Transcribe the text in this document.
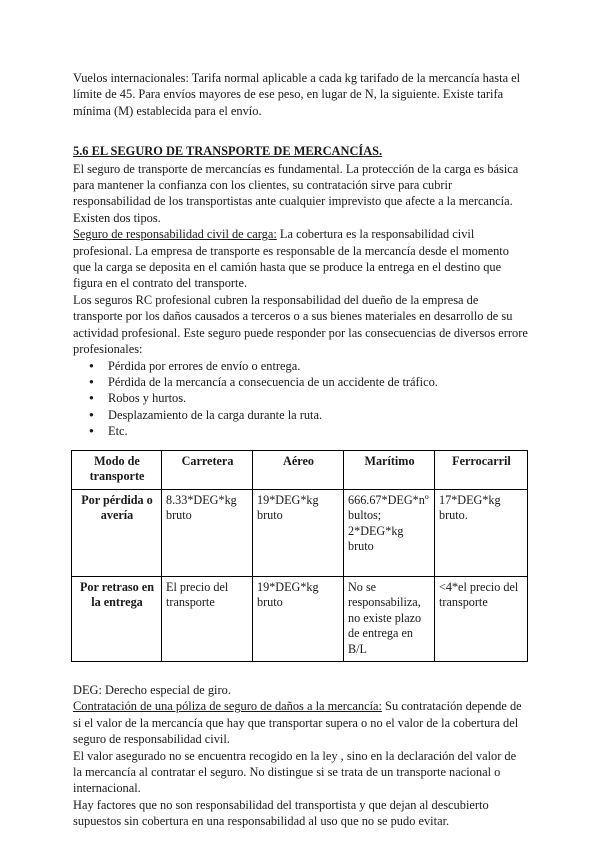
Vuelos internacionales: Tarifa normal aplicable a cada kg tarifado de la mercancía hasta el límite de 45. Para envíos mayores de ese peso, en lugar de N, la siguiente. Existe tarifa mínima (M) establecida para el envío.

5.6 EL SEGURO DE TRANSPORTE DE MERCANCÍAS.

El seguro de transporte de mercancías es fundamental. La protección de la carga es básica para mantener la confianza con los clientes, su contratación sirve para cubrir responsabilidad de los transportistas ante cualquier imprevisto que afecte a la mercancía. Existen dos tipos.

Seguro de responsabilidad civil de carga: La cobertura es la responsabilidad civil profesional. La empresa de transporte es responsable de la mercancía desde el momento que la carga se deposita en el camión hasta que se produce la entrega en el destino que figura en el contrato del transporte.

Los seguros RC profesional cubren la responsabilidad del dueño de la empresa de transporte por los daños causados a terceros o a sus bienes materiales en desarrollo de su actividad profesional. Este seguro puede responder por las consecuencias de diversos errore profesionales:

● Pérdida por errores de envío o entrega.
● Pérdida de la mercancía a consecuencia de un accidente de tráfico.
● Robos y hurtos.
● Desplazamiento de la carga durante la ruta.
● Etc.
Modo de transporte	Carretera	Aéreo	Marítimo	Ferrocarril
Por pérdida o avería	8.33*DEG*kg bruto	19*DEG*kg bruto	666.67*DEG*nº bultos; 2*DEG*kg bruto	17*DEG*kg bruto.
Por retraso en la entrega	El precio del transporte	19*DEG*kg bruto	No se responsabiliza, no existe plazo de entrega en B/L	<4*el precio del transporte

DEG: Derecho especial de giro.

Contratación de una póliza de seguro de daños a la mercancía: Su contratación depende de si el valor de la mercancía que hay que transportar supera o no el valor de la cobertura del seguro de responsabilidad civil.

El valor asegurado no se encuentra recogido en la ley , sino en la declaración del valor de la mercancía al contratar el seguro. No distingue si se trata de un transporte nacional o internacional.

Hay factores que no son responsabilidad del transportista y que dejan al descubierto supuestos sin cobertura en una responsabilidad al uso que no se pudo evitar.
